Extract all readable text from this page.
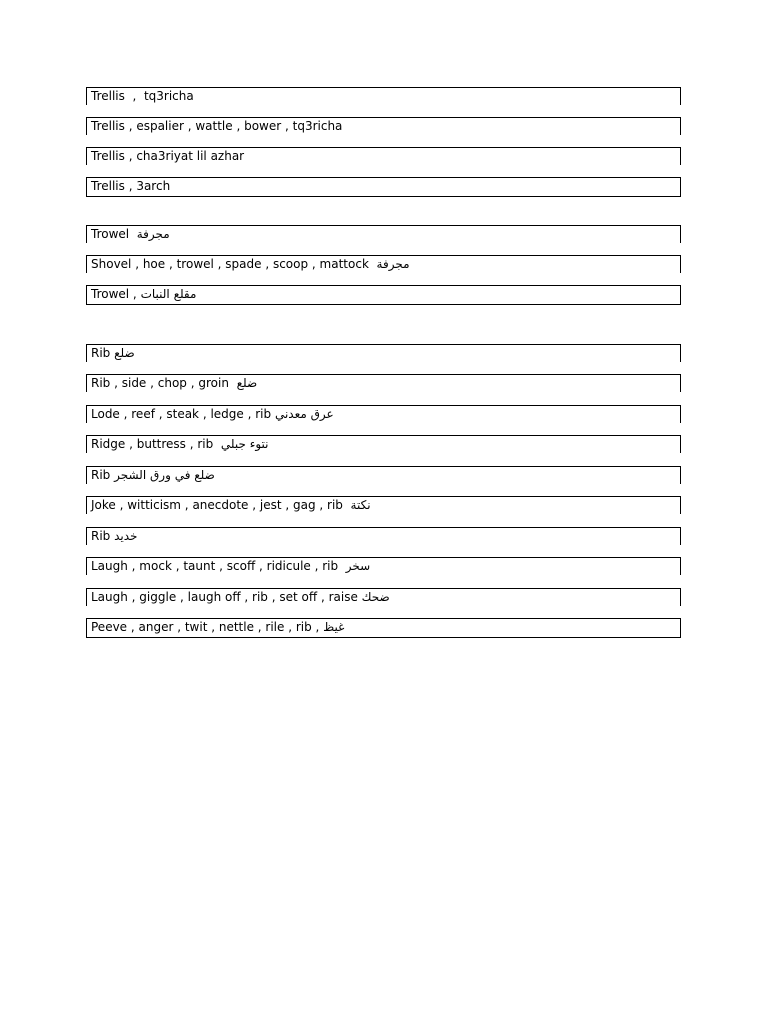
Trellis  ,  tq3richa
Trellis , espalier , wattle , bower , tq3richa
Trellis , cha3riyat lil azhar
Trellis , 3arch
Trowel  مجرفة
Shovel , hoe , trowel , spade , scoop , mattock  مجرفة
Trowel , مقلع النبات
Rib ضلع
Rib , side , chop , groin  ضلع
Lode , reef , steak , ledge , rib عرق معدني
Ridge , buttress , rib  نتوء جبلي
Rib ضلع في ورق الشجر
Joke , witticism , anecdote , jest , gag , rib  نكتة
Rib خديد
Laugh , mock , taunt , scoff , ridicule , rib  سخر
Laugh , giggle , laugh off , rib , set off , raise ضحك
Peeve , anger , twit , nettle , rile , rib , غيظ
